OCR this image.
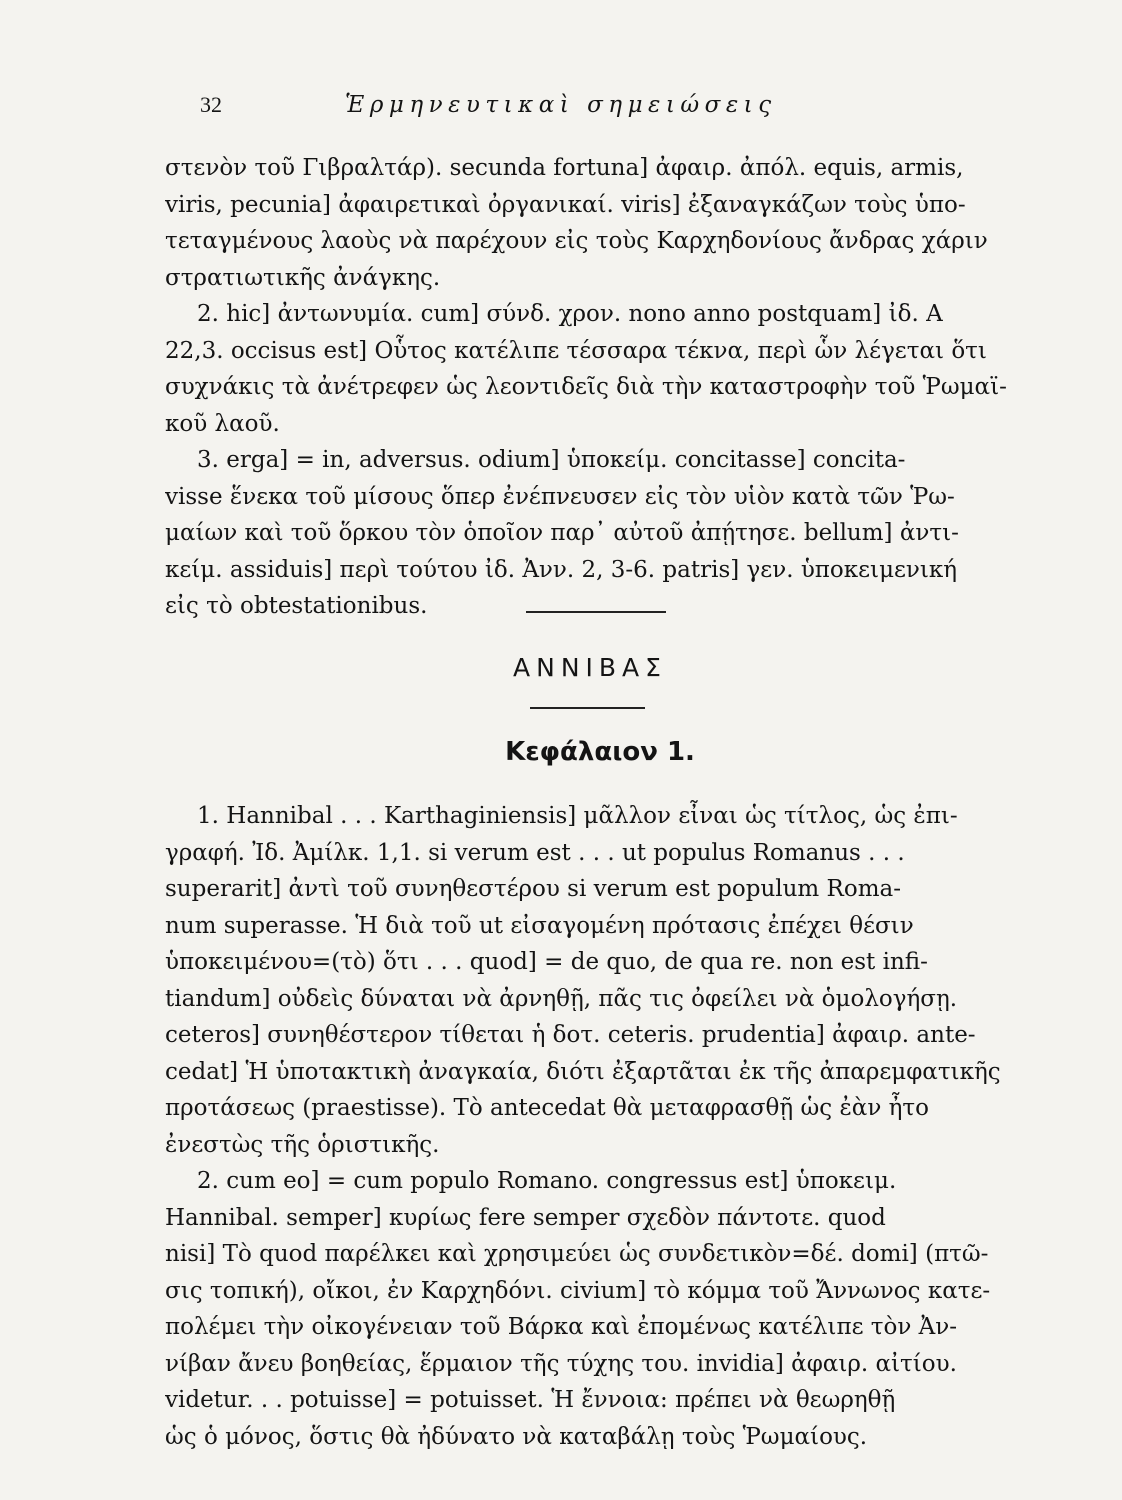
32	Ἑρμηνευτικαὶ σημειώσεις
στενὸν τοῦ Γιβραλτάρ). secunda fortuna] ἀφαιρ. ἀπόλ. equis, armis,
viris, pecunia] ἀφαιρετικαὶ ὀργανικαί. viris] ἐξαναγκάζων τοὺς ὑπο-
τεταγμένους λαοὺς νὰ παρέχουν εἰς τοὺς Καρχηδονίους ἄνδρας χάριν
στρατιωτικῆς ἀνάγκης.
2. hic] ἀντωνυμία. cum] σύνδ. χρον. nono anno postquam] ἰδ. Α
22,3. occisus est] Οὗτος κατέλιπε τέσσαρα τέκνα, περὶ ὧν λέγεται ὅτι
συχνάκις τὰ ἀνέτρεφεν ὡς λεοντιδεῖς διὰ τὴν καταστροφὴν τοῦ Ῥωμαϊ-
κοῦ λαοῦ.
3. erga] = in, adversus. odium] ὑποκείμ. concitasse] concita-
visse ἕνεκα τοῦ μίσους ὅπερ ἐνέπνευσεν εἰς τὸν υἱὸν κατὰ τῶν Ῥω-
μαίων καὶ τοῦ ὅρκου τὸν ὁποῖον παρ᾽ αὐτοῦ ἀπῄτησε. bellum] ἀντι-
κείμ. assiduis] περὶ τούτου ἰδ. Ἀνν. 2, 3-6. patris] γεν. ὑποκειμενική
εἰς τὸ obtestationibus.
ΑΝΝΙΒΑΣ
Κεφάλαιον 1.
1. Hannibal . . . Karthaginiensis] μᾶλλον εἶναι ὡς τίτλος, ὡς ἐπι-
γραφή. Ἰδ. Ἀμίλκ. 1,1. si verum est . . . ut populus Romanus . . .
superarit] ἀντὶ τοῦ συνηθεστέρου si verum est populum Roma-
num superasse. Ἡ διὰ τοῦ ut εἰσαγομένη πρότασις ἐπέχει θέσιν
ὑποκειμένου=(τὸ) ὅτι . . . quod] = de quo, de qua re. non est infi-
tiandum] οὐδεὶς δύναται νὰ ἀρνηθῇ, πᾶς τις ὀφείλει νὰ ὁμολογήσῃ.
ceteros] συνηθέστερον τίθεται ἡ δοτ. ceteris. prudentia] ἀφαιρ. ante-
cedat] Ἡ ὑποτακτικὴ ἀναγκαία, διότι ἐξαρτᾶται ἐκ τῆς ἀπαρεμφατικῆς
προτάσεως (praestisse). Τὸ antecedat θὰ μεταφρασθῇ ὡς ἐὰν ἦτο
ἐνεστὼς τῆς ὁριστικῆς.
2. cum eo] = cum populo Romano. congressus est] ὑποκειμ.
Hannibal. semper] κυρίως fere semper σχεδὸν πάντοτε. quod
nisi] Τὸ quod παρέλκει καὶ χρησιμεύει ὡς συνδετικὸν=δέ. domi] (πτῶ-
σις τοπική), οἴκοι, ἐν Καρχηδόνι. civium] τὸ κόμμα τοῦ Ἄννωνος κατε-
πολέμει τὴν οἰκογένειαν τοῦ Βάρκα καὶ ἐπομένως κατέλιπε τὸν Ἀν-
νίβαν ἄνευ βοηθείας, ἕρμαιον τῆς τύχης του. invidia] ἀφαιρ. αἰτίου.
videtur. . . potuisse] = potuisset. Ἡ ἔννοια: πρέπει νὰ θεωρηθῇ
ὡς ὁ μόνος, ὅστις θὰ ἠδύνατο νὰ καταβάλῃ τοὺς Ῥωμαίους.
